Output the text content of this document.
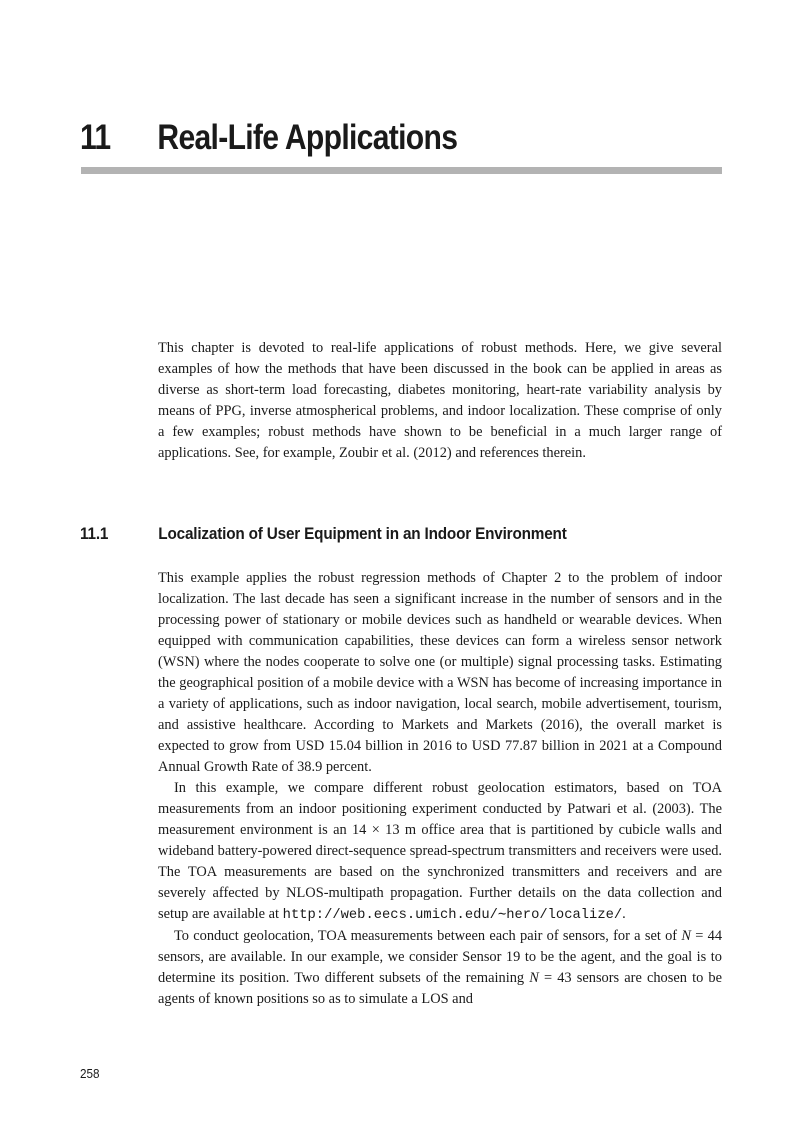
11 Real-Life Applications

This chapter is devoted to real-life applications of robust methods. Here, we give several examples of how the methods that have been discussed in the book can be applied in areas as diverse as short-term load forecasting, diabetes monitoring, heart-rate variability analysis by means of PPG, inverse atmospherical problems, and indoor localization. These comprise of only a few examples; robust methods have shown to be beneficial in a much larger range of applications. See, for example, Zoubir et al. (2012) and references therein.

11.1	Localization of User Equipment in an Indoor Environment

This example applies the robust regression methods of Chapter 2 to the problem of indoor localization. The last decade has seen a significant increase in the number of sensors and in the processing power of stationary or mobile devices such as handheld or wearable devices. When equipped with communication capabilities, these devices can form a wireless sensor network (WSN) where the nodes cooperate to solve one (or multiple) signal processing tasks. Estimating the geographical position of a mobile device with a WSN has become of increasing importance in a variety of applications, such as indoor navigation, local search, mobile advertisement, tourism, and assistive healthcare. According to Markets and Markets (2016), the overall market is expected to grow from USD 15.04 billion in 2016 to USD 77.87 billion in 2021 at a Compound Annual Growth Rate of 38.9 percent.

In this example, we compare different robust geolocation estimators, based on TOA measurements from an indoor positioning experiment conducted by Patwari et al. (2003). The measurement environment is an 14 × 13 m office area that is partitioned by cubicle walls and wideband battery-powered direct-sequence spread-spectrum transmitters and receivers were used. The TOA measurements are based on the synchronized transmitters and receivers and are severely affected by NLOS-multipath propagation. Further details on the data collection and setup are available at http://web.eecs.umich.edu/∼hero/localize/.

To conduct geolocation, TOA measurements between each pair of sensors, for a set of N = 44 sensors, are available. In our example, we consider Sensor 19 to be the agent, and the goal is to determine its position. Two different subsets of the remaining N = 43 sensors are chosen to be agents of known positions so as to simulate a LOS and

258
